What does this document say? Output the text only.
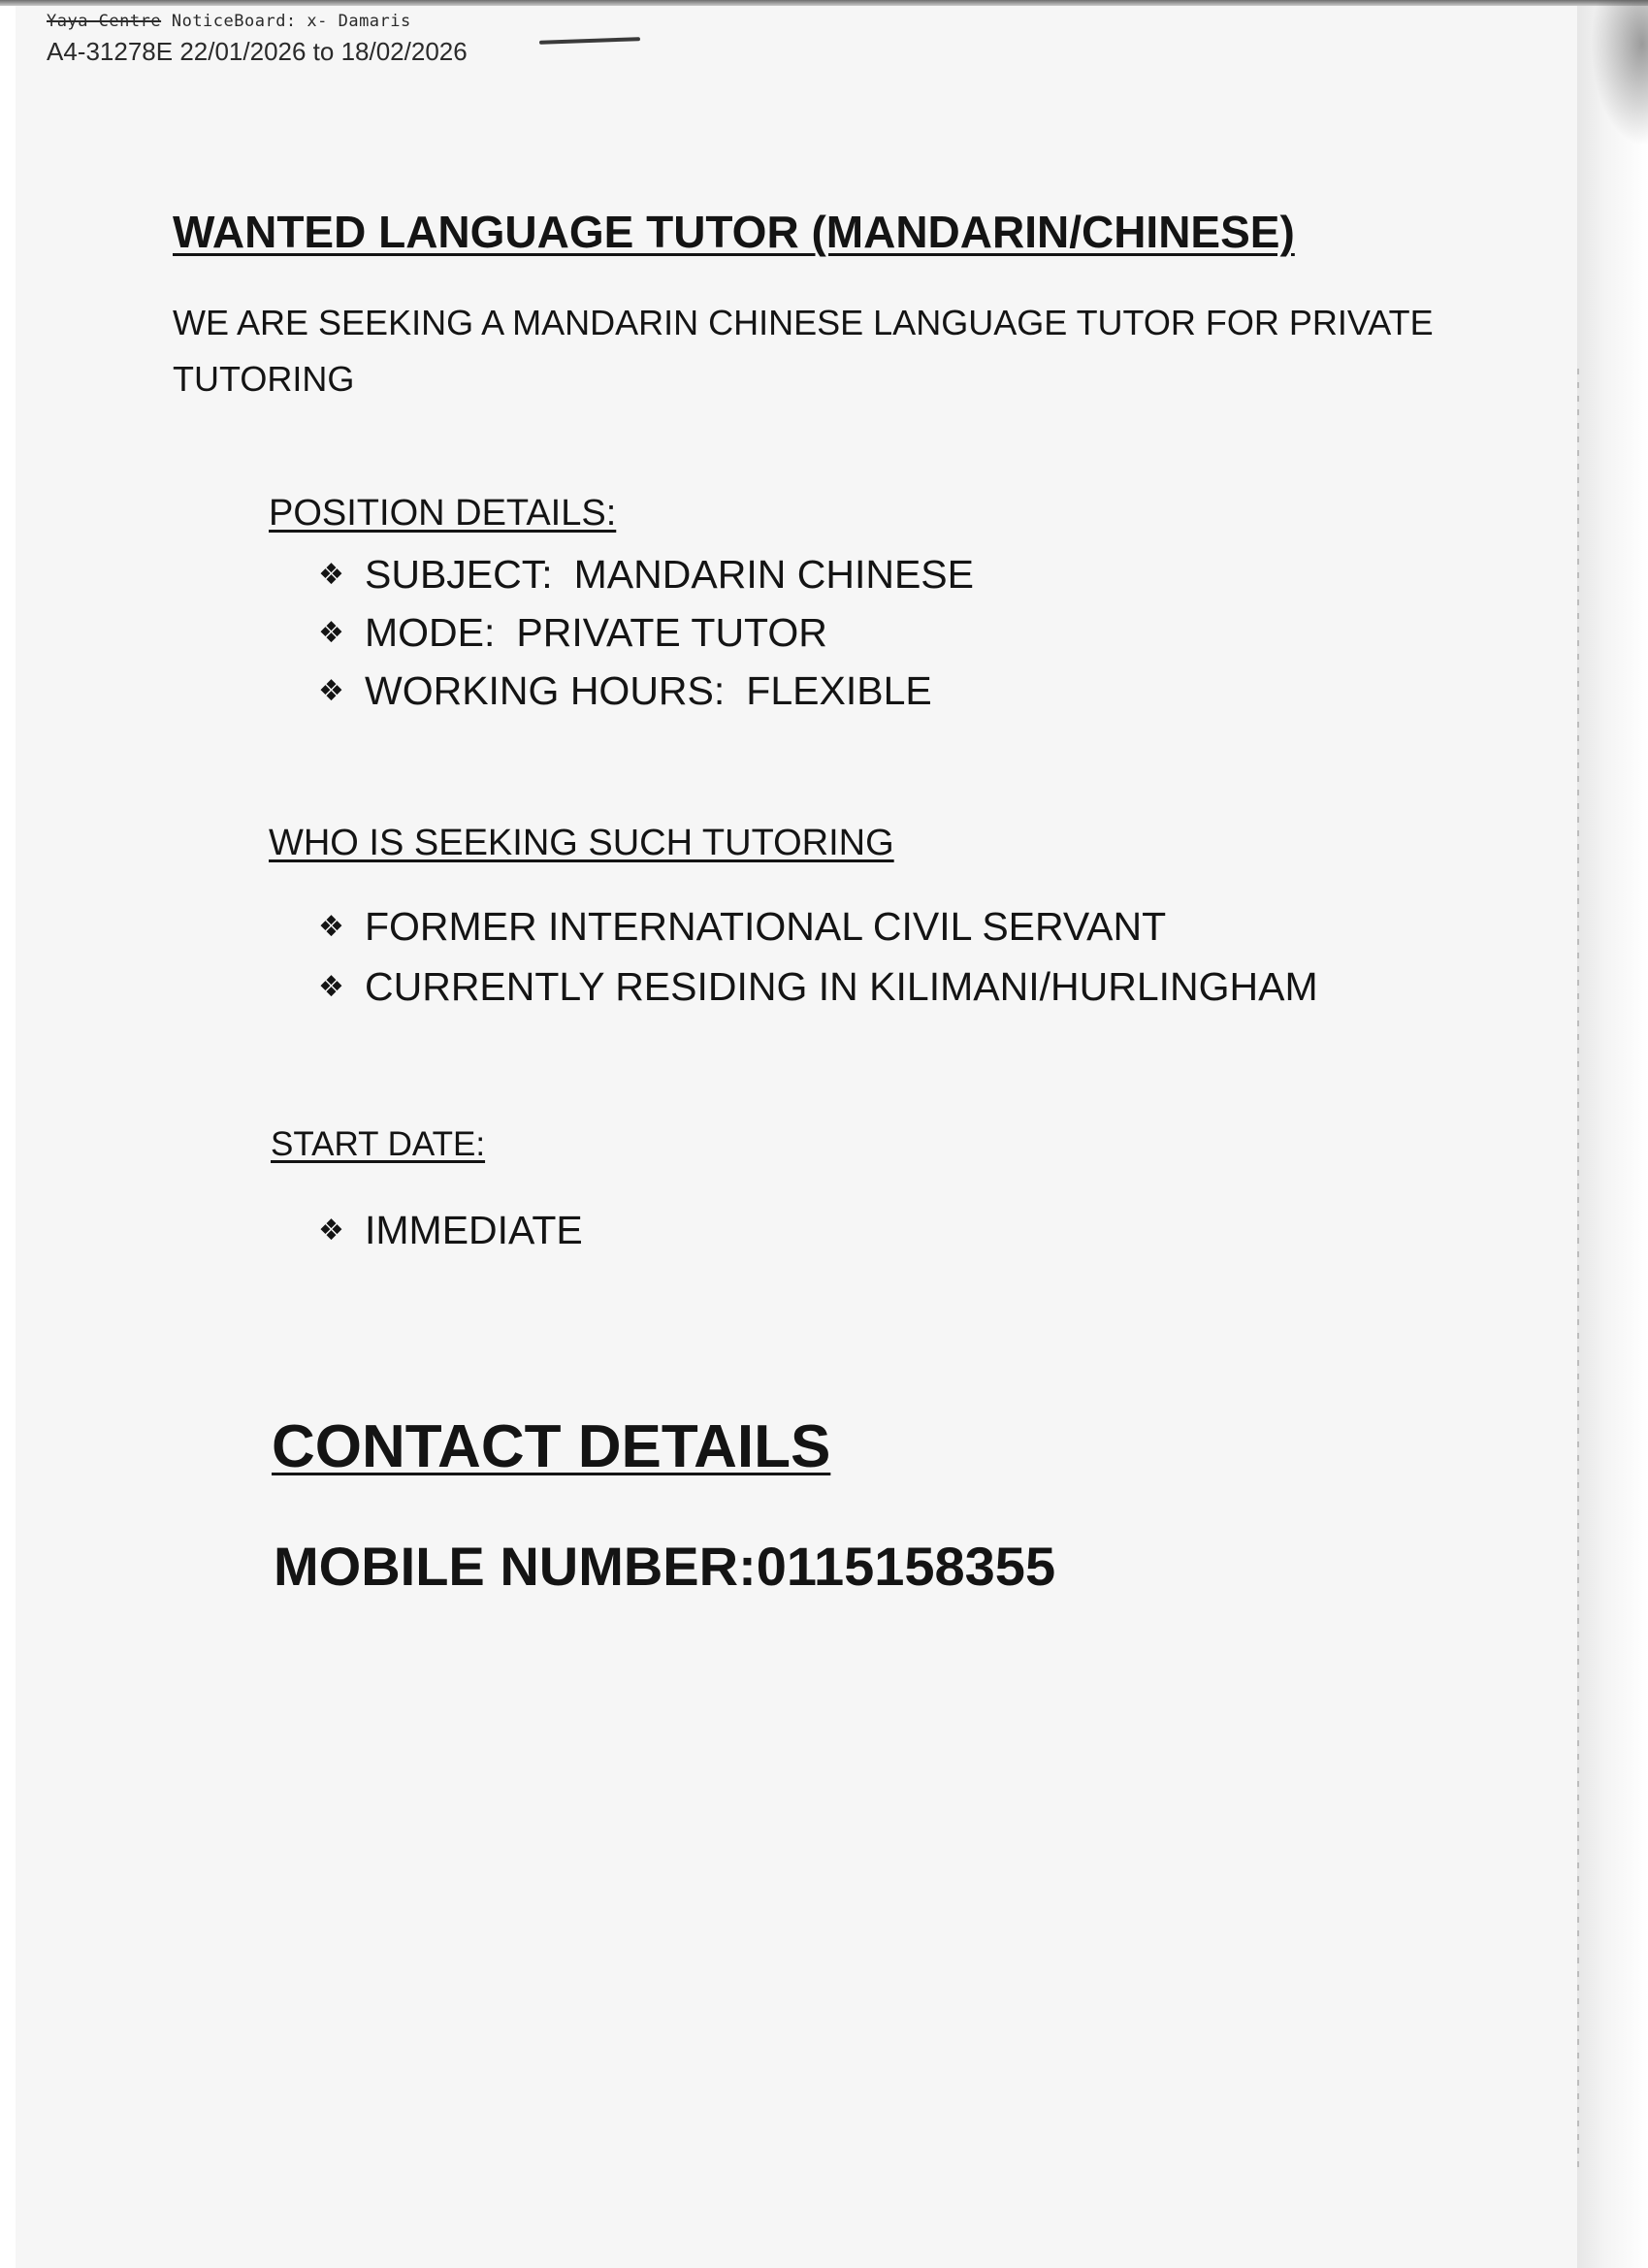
Yaya Centre NoticeBoard: x- Damaris
A4-31278E 22/01/2026 to 18/02/2026
WANTED LANGUAGE TUTOR (MANDARIN/CHINESE)
WE ARE SEEKING A MANDARIN CHINESE LANGUAGE TUTOR FOR PRIVATE TUTORING
POSITION DETAILS:
❖ SUBJECT: MANDARIN CHINESE
❖ MODE: PRIVATE TUTOR
❖ WORKING HOURS: FLEXIBLE
WHO IS SEEKING SUCH TUTORING
❖ FORMER INTERNATIONAL CIVIL SERVANT
❖ CURRENTLY RESIDING IN KILIMANI/HURLINGHAM
START DATE:
❖ IMMEDIATE
CONTACT DETAILS
MOBILE NUMBER:0115158355
